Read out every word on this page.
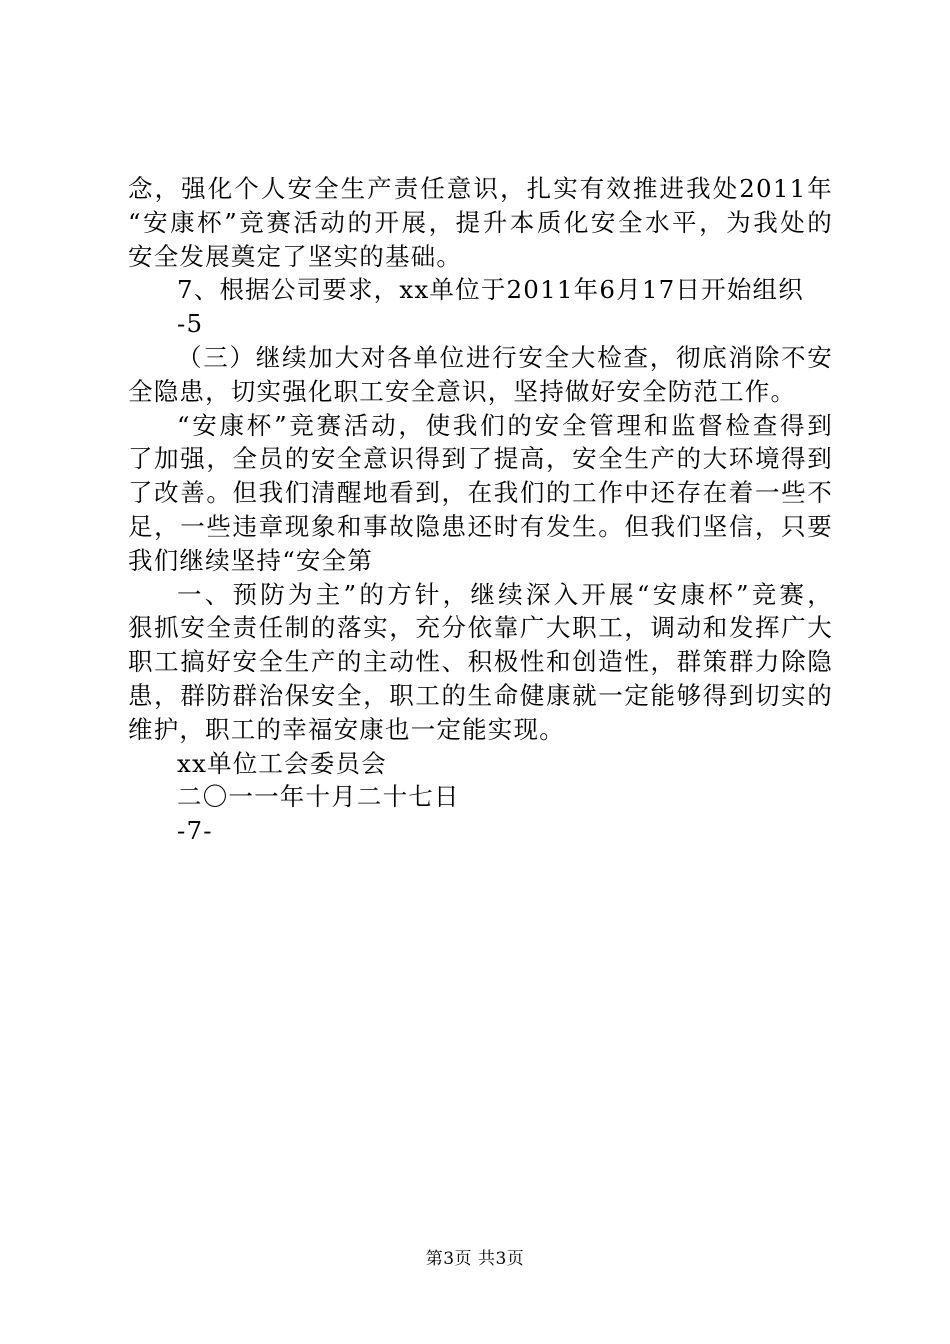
念，强化个人安全生产责任意识，扎实有效推进我处2011年
“安康杯”竞赛活动的开展，提升本质化安全水平，为我处的
安全发展奠定了坚实的基础。
7、根据公司要求，xx单位于2011年6月17日开始组织
-5
（三）继续加大对各单位进行安全大检查，彻底消除不安
全隐患，切实强化职工安全意识，坚持做好安全防范工作。
“安康杯”竞赛活动，使我们的安全管理和监督检查得到
了加强，全员的安全意识得到了提高，安全生产的大环境得到
了改善。但我们清醒地看到，在我们的工作中还存在着一些不
足，一些违章现象和事故隐患还时有发生。但我们坚信，只要
我们继续坚持“安全第
一、预防为主”的方针，继续深入开展“安康杯”竞赛，
狠抓安全责任制的落实，充分依靠广大职工，调动和发挥广大
职工搞好安全生产的主动性、积极性和创造性，群策群力除隐
患，群防群治保安全，职工的生命健康就一定能够得到切实的
维护，职工的幸福安康也一定能实现。
xx单位工会委员会
二〇一一年十月二十七日
-7-
第3页 共3页
